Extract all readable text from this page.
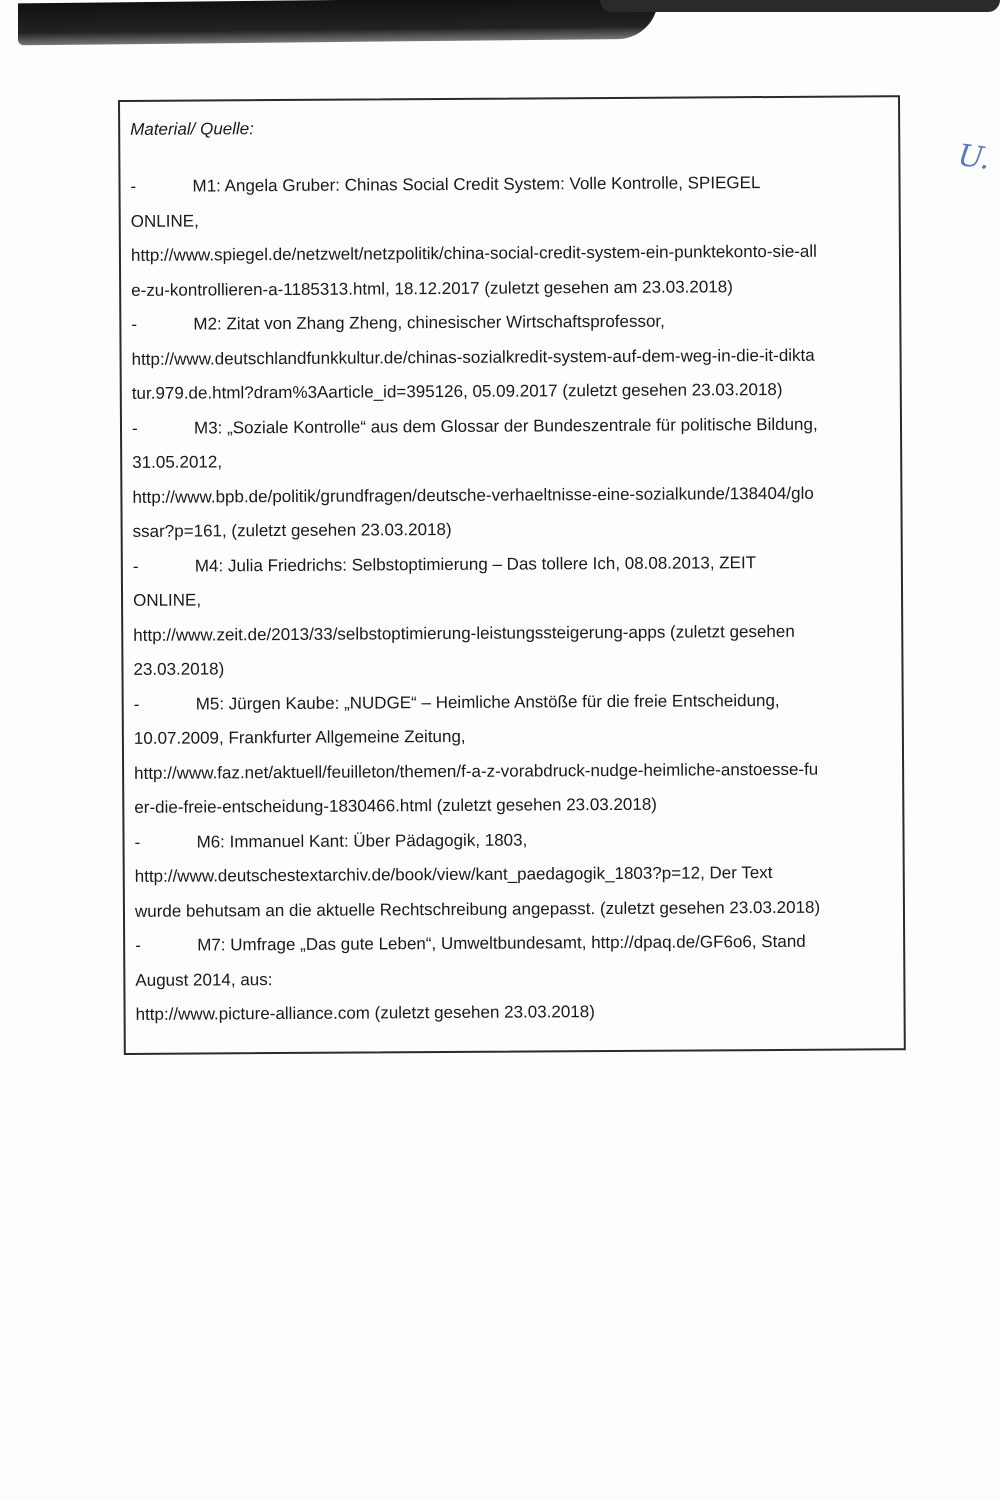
U.

Material/ Quelle:

-	M1: Angela Gruber: Chinas Social Credit System: Volle Kontrolle, SPIEGEL
ONLINE,
http://www.spiegel.de/netzwelt/netzpolitik/china-social-credit-system-ein-punktekonto-sie-all
e-zu-kontrollieren-a-1185313.html, 18.12.2017 (zuletzt gesehen am 23.03.2018)
-	M2: Zitat von Zhang Zheng, chinesischer Wirtschaftsprofessor,
http://www.deutschlandfunkkultur.de/chinas-sozialkredit-system-auf-dem-weg-in-die-it-dikta
tur.979.de.html?dram%3Aarticle_id=395126, 05.09.2017 (zuletzt gesehen 23.03.2018)
-	M3: „Soziale Kontrolle“ aus dem Glossar der Bundeszentrale für politische Bildung,
31.05.2012,
http://www.bpb.de/politik/grundfragen/deutsche-verhaeltnisse-eine-sozialkunde/138404/glo
ssar?p=161, (zuletzt gesehen 23.03.2018)
-	M4: Julia Friedrichs: Selbstoptimierung – Das tollere Ich, 08.08.2013, ZEIT
ONLINE,
http://www.zeit.de/2013/33/selbstoptimierung-leistungssteigerung-apps (zuletzt gesehen
23.03.2018)
-	M5: Jürgen Kaube: „NUDGE“ – Heimliche Anstöße für die freie Entscheidung,
10.07.2009, Frankfurter Allgemeine Zeitung,
http://www.faz.net/aktuell/feuilleton/themen/f-a-z-vorabdruck-nudge-heimliche-anstoesse-fu
er-die-freie-entscheidung-1830466.html (zuletzt gesehen 23.03.2018)
-	M6: Immanuel Kant: Über Pädagogik, 1803,
http://www.deutschestextarchiv.de/book/view/kant_paedagogik_1803?p=12, Der Text
wurde behutsam an die aktuelle Rechtschreibung angepasst. (zuletzt gesehen 23.03.2018)
-	M7: Umfrage „Das gute Leben“, Umweltbundesamt, http://dpaq.de/GF6o6, Stand
August 2014, aus:
http://www.picture-alliance.com (zuletzt gesehen 23.03.2018)
